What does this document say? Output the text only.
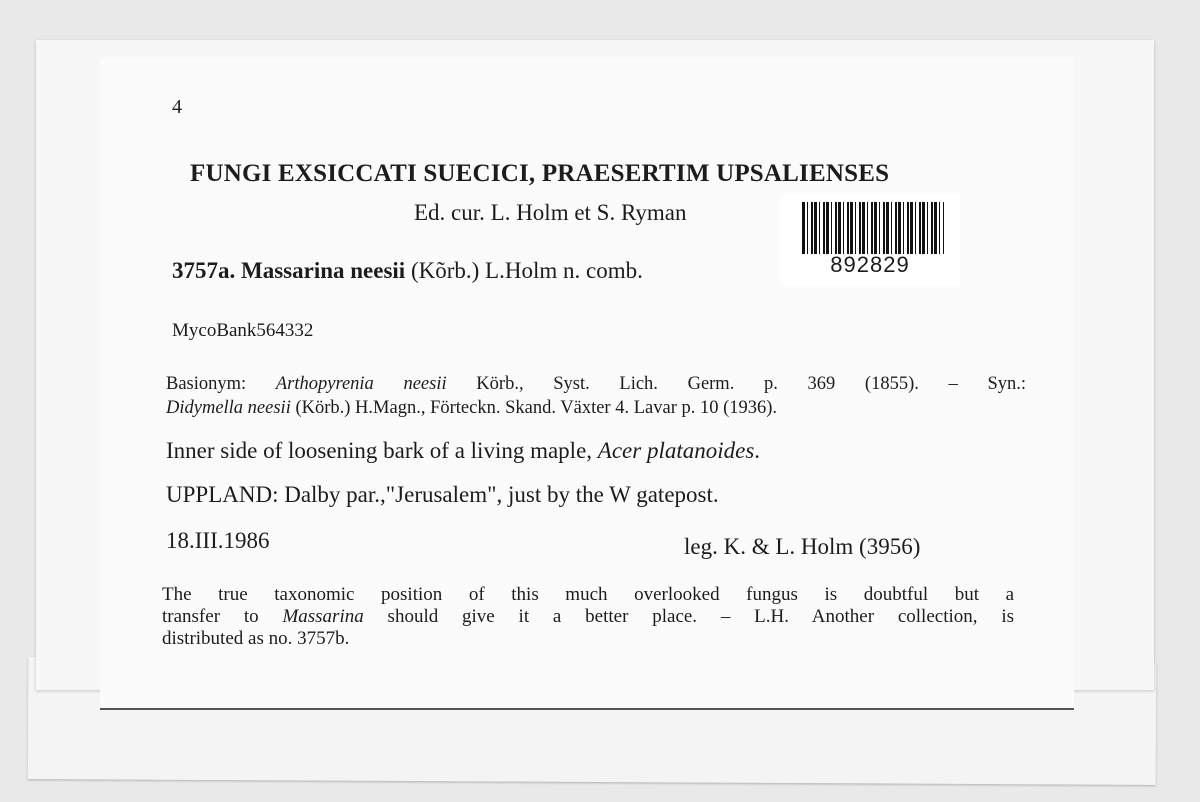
4
FUNGI EXSICCATI SUECICI, PRAESERTIM UPSALIENSES
Ed. cur. L. Holm et S. Ryman
892829
3757a. Massarina neesii (Kõrb.) L.Holm n. comb.
MycoBank564332
Basionym: Arthopyrenia neesii Körb., Syst. Lich. Germ. p. 369 (1855). – Syn.:
Didymella neesii (Körb.) H.Magn., Förteckn. Skand. Växter 4. Lavar p. 10 (1936).
Inner side of loosening bark of a living maple, Acer platanoides.
UPPLAND: Dalby par.,"Jerusalem", just by the W gatepost.
18.III.1986	leg. K. & L. Holm (3956)
The true taxonomic position of this much overlooked fungus is doubtful but a
transfer to Massarina should give it a better place. – L.H. Another collection, is
distributed as no. 3757b.
